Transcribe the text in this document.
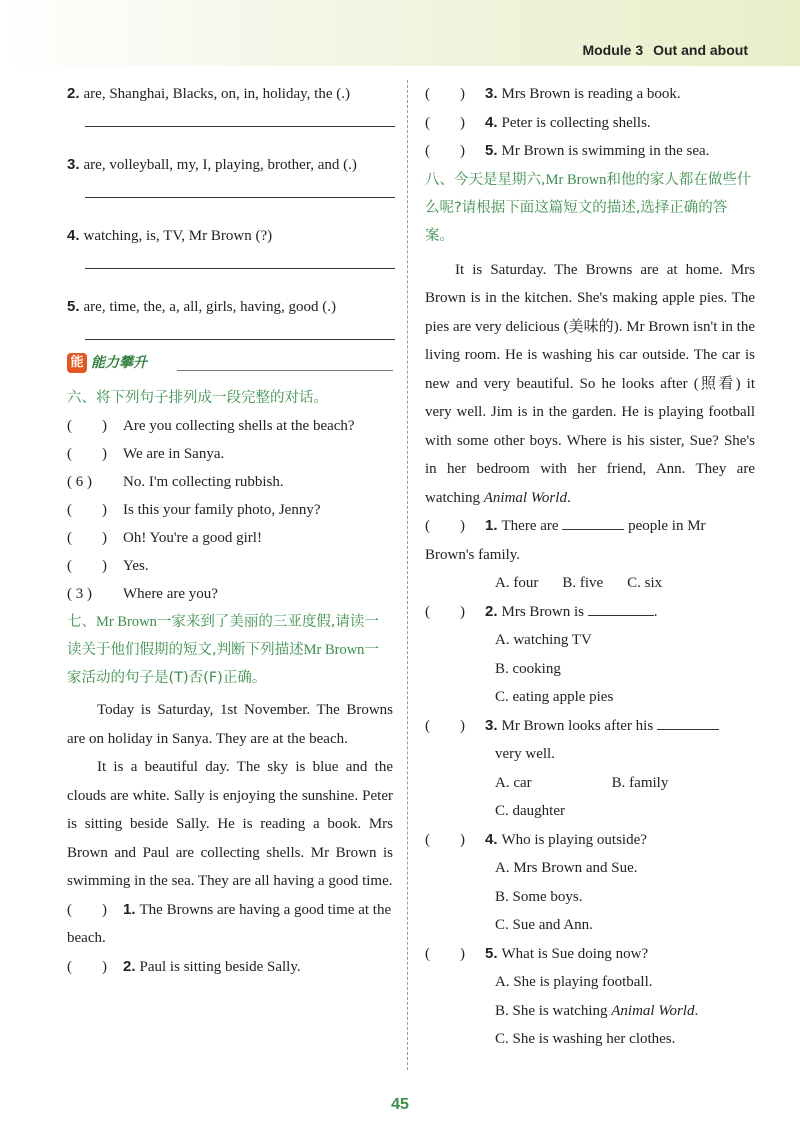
Module 3 Out and about
2. are, Shanghai, Blacks, on, in, holiday, the (.)
3. are, volleyball, my, I, playing, brother, and (.)
4. watching, is, TV, Mr Brown (?)
5. are, time, the, a, all, girls, having, good (.)
能 能力攀升
六、将下列句子排列成一段完整的对话。
(　　) Are you collecting shells at the beach?
(　　) We are in Sanya.
( 6 ) No. I'm collecting rubbish.
(　　) Is this your family photo, Jenny?
(　　) Oh! You're a good girl!
(　　) Yes.
( 3 ) Where are you?
七、Mr Brown一家来到了美丽的三亚度假,请读一读关于他们假期的短文,判断下列描述Mr Brown一家活动的句子是(T)否(F)正确。
Today is Saturday, 1st November. The Browns are on holiday in Sanya. They are at the beach.
It is a beautiful day. The sky is blue and the clouds are white. Sally is enjoying the sunshine. Peter is sitting beside Sally. He is reading a book. Mrs Brown and Paul are collecting shells. Mr Brown is swimming in the sea. They are all having a good time.
(　　) 1. The Browns are having a good time at the beach.
(　　) 2. Paul is sitting beside Sally.
(　　) 3. Mrs Brown is reading a book.
(　　) 4. Peter is collecting shells.
(　　) 5. Mr Brown is swimming in the sea.
八、今天是星期六,Mr Brown和他的家人都在做些什么呢?请根据下面这篇短文的描述,选择正确的答案。
It is Saturday. The Browns are at home. Mrs Brown is in the kitchen. She's making apple pies. The pies are very delicious (美味的). Mr Brown isn't in the living room. He is washing his car outside. The car is new and very beautiful. So he looks after (照看) it very well. Jim is in the garden. He is playing football with some other boys. Where is his sister, Sue? She's in her bedroom with her friend, Ann. They are watching Animal World.
(　　) 1. There are	people in Mr Brown's family.
A. four B. five C. six
(　　) 2. Mrs Brown is	.
A. watching TV
B. cooking
C. eating apple pies
(　　) 3. Mr Brown looks after his
very well.
A. car	B. family
C. daughter
(　　) 4. Who is playing outside?
A. Mrs Brown and Sue.
B. Some boys.
C. Sue and Ann.
(　　) 5. What is Sue doing now?
A. She is playing football.
B. She is watching Animal World.
C. She is washing her clothes.
45
